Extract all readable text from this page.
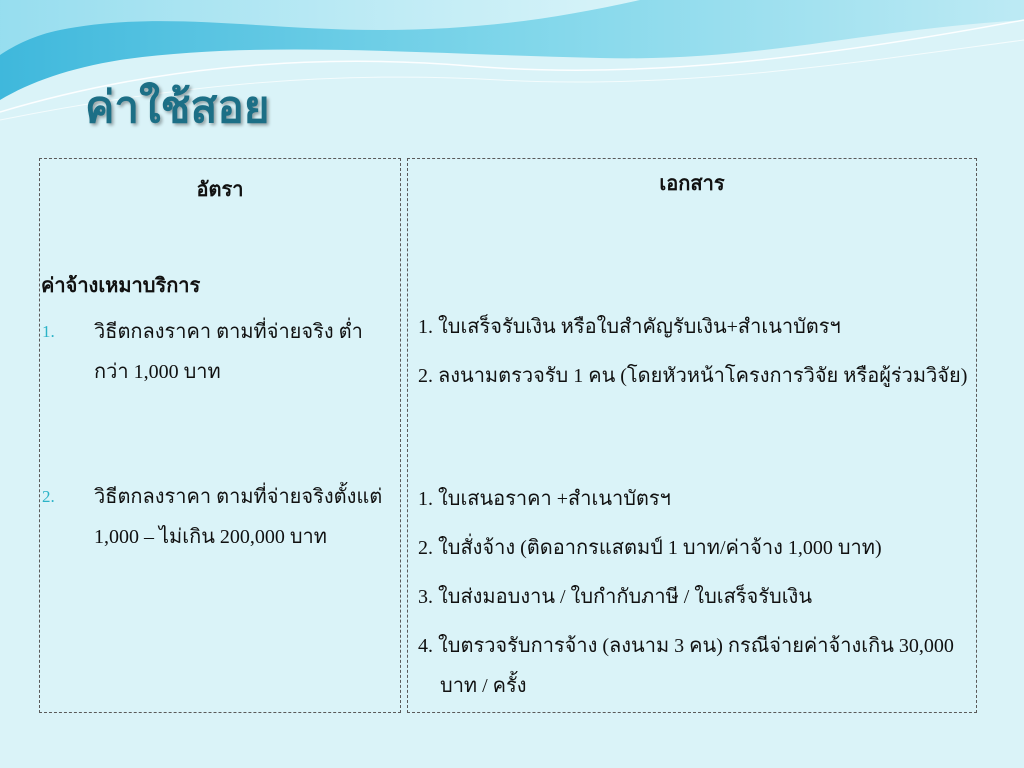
ค่าใช้สอย
อัตรา
ค่าจ้างเหมาบริการ
1. วิธีตกลงราคา ตามที่จ่ายจริง ต่ำกว่า 1,000 บาท
2. วิธีตกลงราคา ตามที่จ่ายจริงตั้งแต่ 1,000 – ไม่เกิน 200,000 บาท
เอกสาร
1. ใบเสร็จรับเงิน หรือใบสำคัญรับเงิน+สำเนาบัตรฯ
2. ลงนามตรวจรับ 1 คน (โดยหัวหน้าโครงการวิจัย หรือผู้ร่วมวิจัย)
1. ใบเสนอราคา +สำเนาบัตรฯ
2. ใบสั่งจ้าง (ติดอากรแสตมป์ 1 บาท/ค่าจ้าง 1,000 บาท)
3. ใบส่งมอบงาน / ใบกำกับภาษี / ใบเสร็จรับเงิน
4. ใบตรวจรับการจ้าง (ลงนาม 3 คน) กรณีจ่ายค่าจ้างเกิน 30,000 บาท / ครั้ง
